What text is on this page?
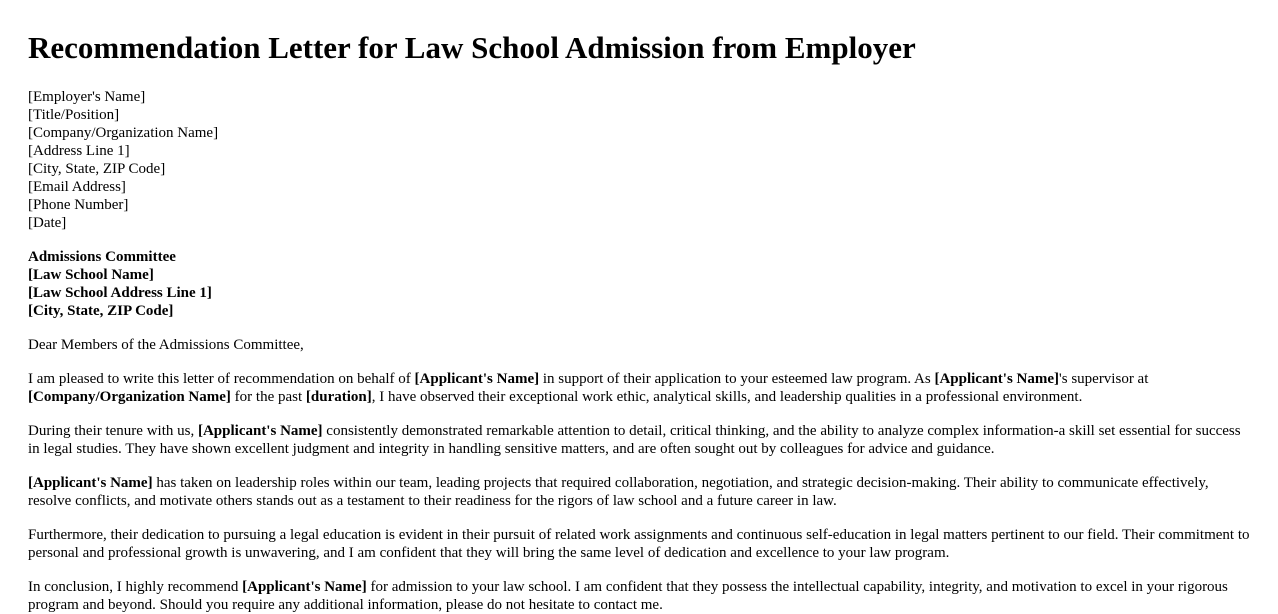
Recommendation Letter for Law School Admission from Employer
[Employer's Name]
[Title/Position]
[Company/Organization Name]
[Address Line 1]
[City, State, ZIP Code]
[Email Address]
[Phone Number]
[Date]
Admissions Committee
[Law School Name]
[Law School Address Line 1]
[City, State, ZIP Code]

Dear Members of the Admissions Committee,

I am pleased to write this letter of recommendation on behalf of [Applicant's Name] in support of their application to your esteemed law program. As [Applicant's Name]'s supervisor at [Company/Organization Name] for the past [duration], I have observed their exceptional work ethic, analytical skills, and leadership qualities in a professional environment.

During their tenure with us, [Applicant's Name] consistently demonstrated remarkable attention to detail, critical thinking, and the ability to analyze complex information-a skill set essential for success in legal studies. They have shown excellent judgment and integrity in handling sensitive matters, and are often sought out by colleagues for advice and guidance.

[Applicant's Name] has taken on leadership roles within our team, leading projects that required collaboration, negotiation, and strategic decision-making. Their ability to communicate effectively, resolve conflicts, and motivate others stands out as a testament to their readiness for the rigors of law school and a future career in law.

Furthermore, their dedication to pursuing a legal education is evident in their pursuit of related work assignments and continuous self-education in legal matters pertinent to our field. Their commitment to personal and professional growth is unwavering, and I am confident that they will bring the same level of dedication and excellence to your law program.

In conclusion, I highly recommend [Applicant's Name] for admission to your law school. I am confident that they possess the intellectual capability, integrity, and motivation to excel in your rigorous program and beyond. Should you require any additional information, please do not hesitate to contact me.
